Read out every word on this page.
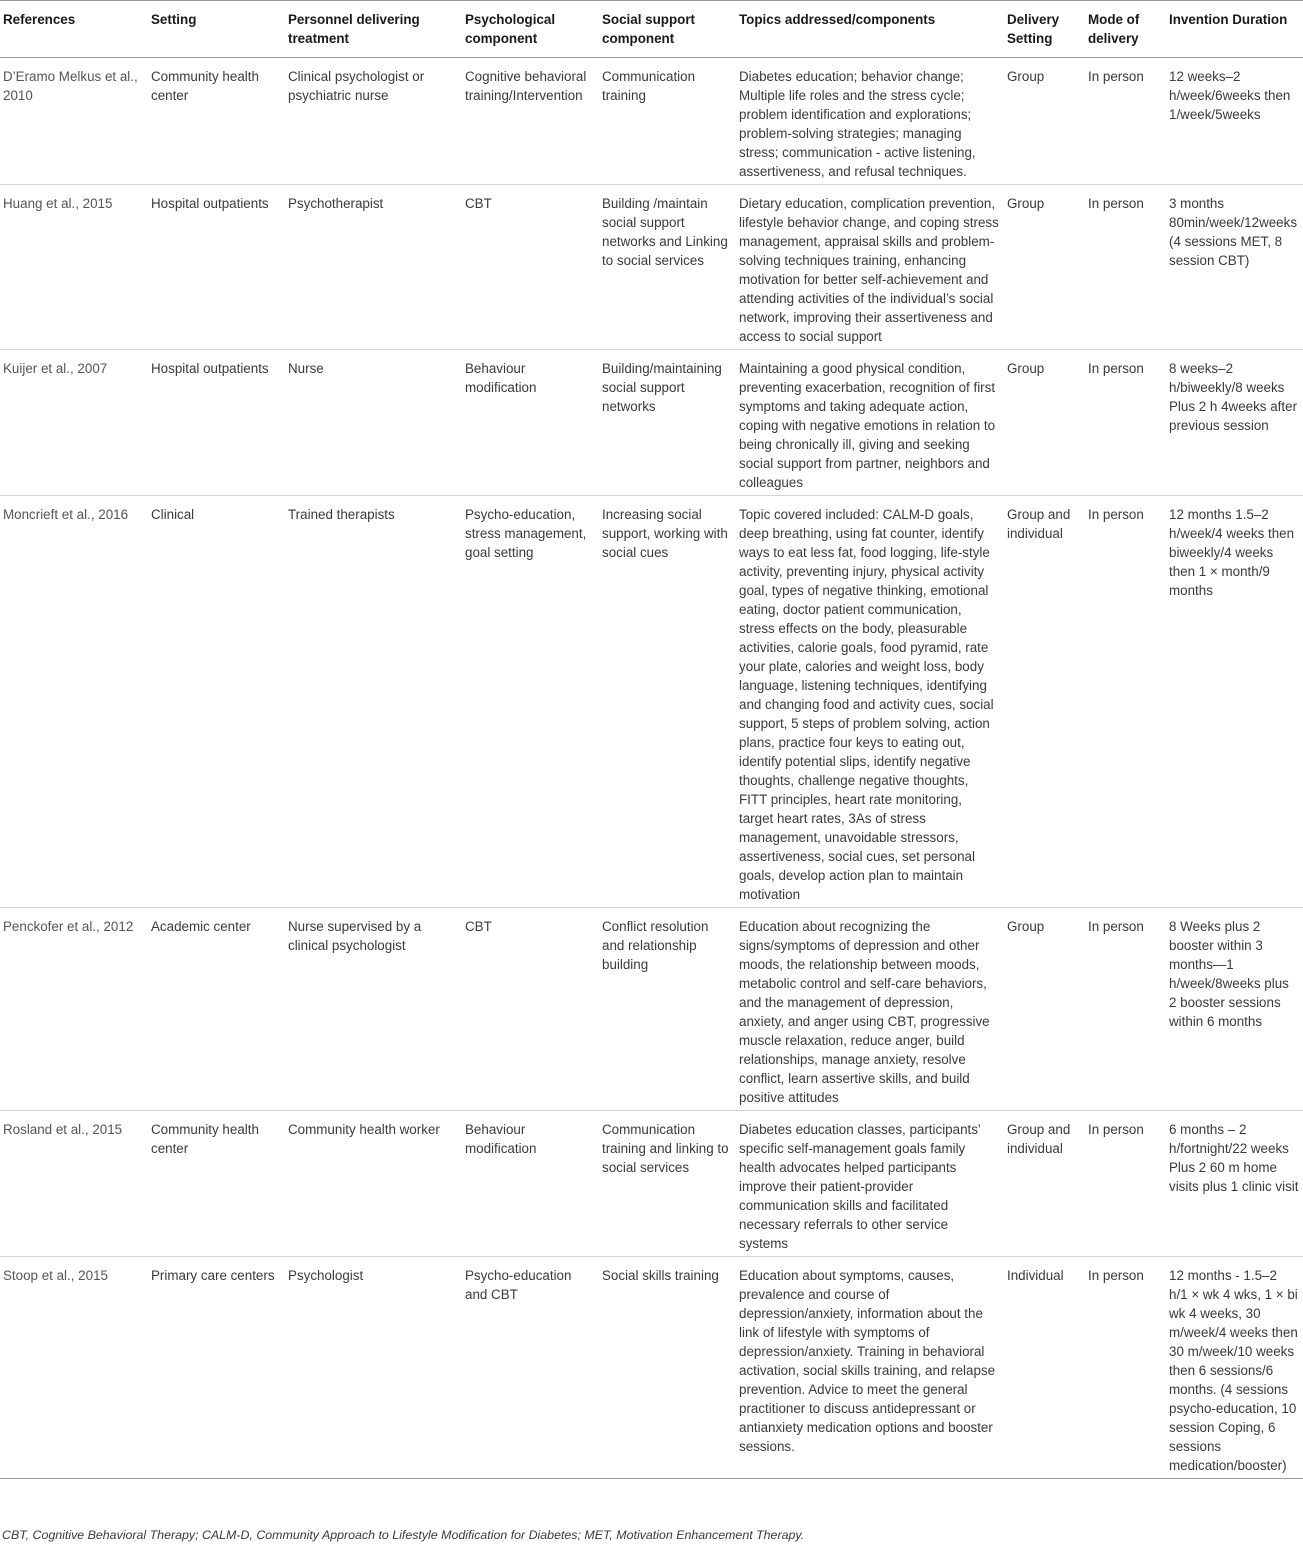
References	Setting	Personnel delivering treatment	Psychological component	Social support component	Topics addressed/components	Delivery Setting	Mode of delivery	Invention Duration
D’Eramo Melkus et al., 2010	Community health center	Clinical psychologist or psychiatric nurse	Cognitive behavioral training/Intervention	Communication training	Diabetes education; behavior change; Multiple life roles and the stress cycle; problem identification and explorations; problem-solving strategies; managing stress; communication - active listening, assertiveness, and refusal techniques.	Group	In person	12 weeks–2 h/week/6weeks then 1/week/5weeks
Huang et al., 2015	Hospital outpatients	Psychotherapist	CBT	Building /maintain social support networks and Linking to social services	Dietary education, complication prevention, lifestyle behavior change, and coping stress management, appraisal skills and problem-solving techniques training, enhancing motivation for better self-achievement and attending activities of the individual’s social network, improving their assertiveness and access to social support	Group	In person	3 months 80min/week/12weeks (4 sessions MET, 8 session CBT)
Kuijer et al., 2007	Hospital outpatients	Nurse	Behaviour modification	Building/maintaining social support networks	Maintaining a good physical condition, preventing exacerbation, recognition of first symptoms and taking adequate action, coping with negative emotions in relation to being chronically ill, giving and seeking social support from partner, neighbors and colleagues	Group	In person	8 weeks–2 h/biweekly/8 weeks Plus 2 h 4weeks after previous session
Moncrieft et al., 2016	Clinical	Trained therapists	Psycho-education, stress management, goal setting	Increasing social support, working with social cues	Topic covered included: CALM-D goals, deep breathing, using fat counter, identify ways to eat less fat, food logging, life-style activity, preventing injury, physical activity goal, types of negative thinking, emotional eating, doctor patient communication, stress effects on the body, pleasurable activities, calorie goals, food pyramid, rate your plate, calories and weight loss, body language, listening techniques, identifying and changing food and activity cues, social support, 5 steps of problem solving, action plans, practice four keys to eating out, identify potential slips, identify negative thoughts, challenge negative thoughts, FITT principles, heart rate monitoring, target heart rates, 3As of stress management, unavoidable stressors, assertiveness, social cues, set personal goals, develop action plan to maintain motivation	Group and individual	In person	12 months 1.5–2 h/week/4 weeks then biweekly/4 weeks then 1 × month/9 months
Penckofer et al., 2012	Academic center	Nurse supervised by a clinical psychologist	CBT	Conflict resolution and relationship building	Education about recognizing the signs/symptoms of depression and other moods, the relationship between moods, metabolic control and self-care behaviors, and the management of depression, anxiety, and anger using CBT, progressive muscle relaxation, reduce anger, build relationships, manage anxiety, resolve conflict, learn assertive skills, and build positive attitudes	Group	In person	8 Weeks plus 2 booster within 3 months—1 h/week/8weeks plus 2 booster sessions within 6 months
Rosland et al., 2015	Community health center	Community health worker	Behaviour modification	Communication training and linking to social services	Diabetes education classes, participants’ specific self-management goals family health advocates helped participants improve their patient-provider communication skills and facilitated necessary referrals to other service systems	Group and individual	In person	6 months – 2 h/fortnight/22 weeks Plus 2 60 m home visits plus 1 clinic visit
Stoop et al., 2015	Primary care centers	Psychologist	Psycho-education and CBT	Social skills training	Education about symptoms, causes, prevalence and course of depression/anxiety, information about the link of lifestyle with symptoms of depression/anxiety. Training in behavioral activation, social skills training, and relapse prevention. Advice to meet the general practitioner to discuss antidepressant or antianxiety medication options and booster sessions.	Individual	In person	12 months - 1.5–2 h/1 × wk 4 wks, 1 × bi wk 4 weeks, 30 m/week/4 weeks then 30 m/week/10 weeks then 6 sessions/6 months. (4 sessions psycho-education, 10 session Coping, 6 sessions medication/booster)
CBT, Cognitive Behavioral Therapy; CALM-D, Community Approach to Lifestyle Modification for Diabetes; MET, Motivation Enhancement Therapy.
